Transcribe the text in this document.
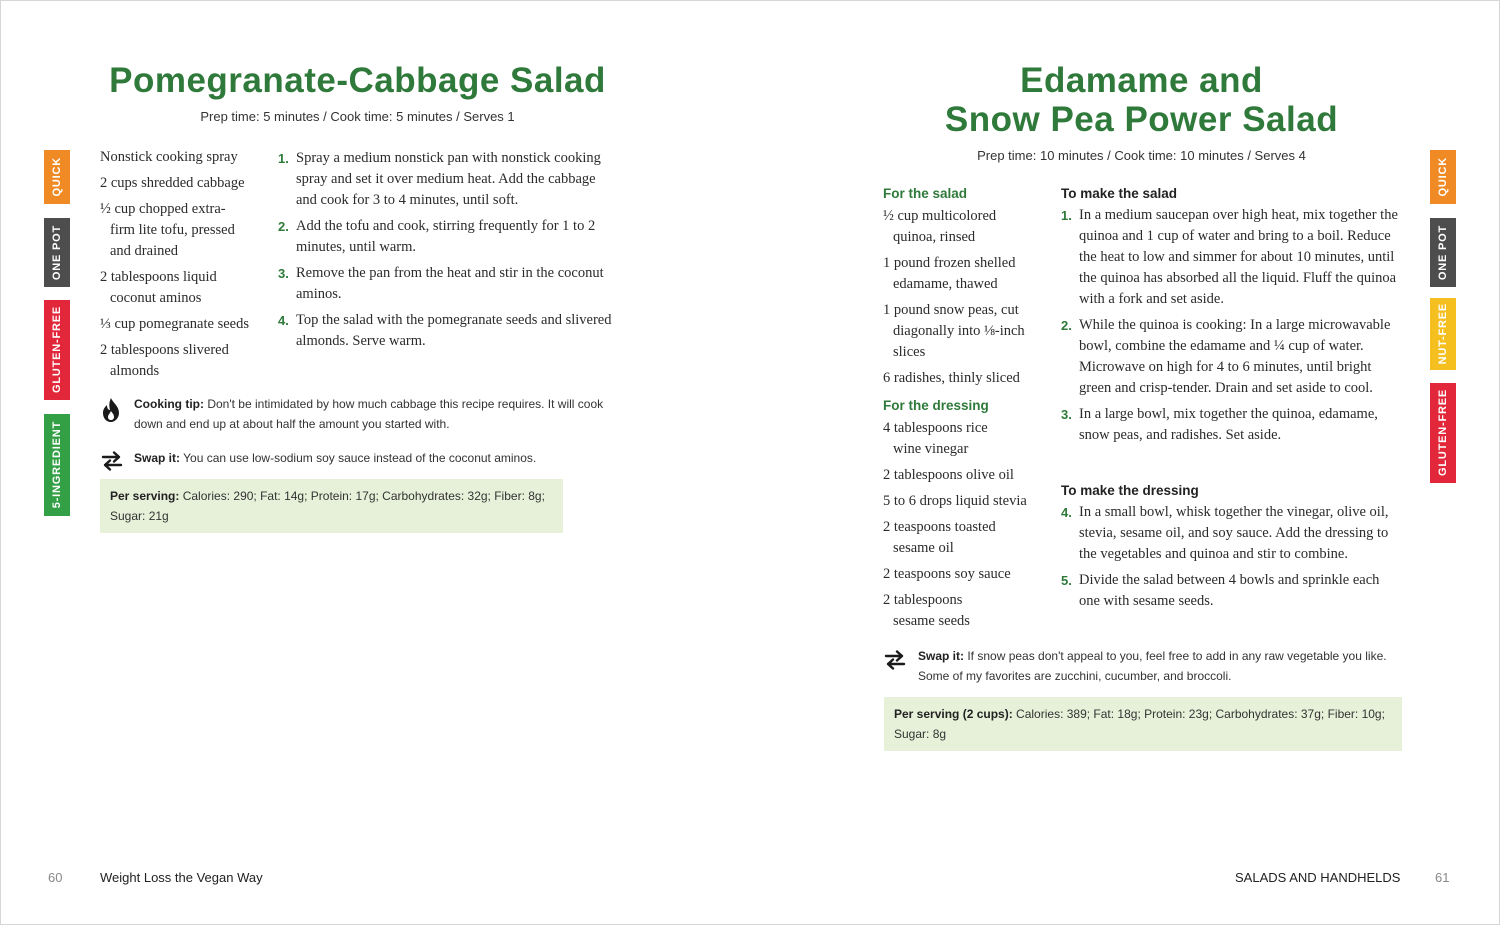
QUICK
ONE POT
GLUTEN-FREE
5-INGREDIENT
Pomegranate-Cabbage Salad
Prep time: 5 minutes / Cook time: 5 minutes / Serves 1
Nonstick cooking spray
2 cups shredded cabbage
½ cup chopped extra-firm lite tofu, pressed and drained
2 tablespoons liquid coconut aminos
⅓ cup pomegranate seeds
2 tablespoons slivered almonds
1. Spray a medium nonstick pan with nonstick cooking spray and set it over medium heat. Add the cabbage and cook for 3 to 4 minutes, until soft.
2. Add the tofu and cook, stirring frequently for 1 to 2 minutes, until warm.
3. Remove the pan from the heat and stir in the coconut aminos.
4. Top the salad with the pomegranate seeds and slivered almonds. Serve warm.
Cooking tip: Don't be intimidated by how much cabbage this recipe requires. It will cook down and end up at about half the amount you started with.
Swap it: You can use low-sodium soy sauce instead of the coconut aminos.
Per serving: Calories: 290; Fat: 14g; Protein: 17g; Carbohydrates: 32g; Fiber: 8g; Sugar: 21g
60	Weight Loss the Vegan Way
QUICK
ONE POT
NUT-FREE
GLUTEN-FREE
Edamame and
Snow Pea Power Salad
Prep time: 10 minutes / Cook time: 10 minutes / Serves 4
For the salad
½ cup multicolored quinoa, rinsed
1 pound frozen shelled edamame, thawed
1 pound snow peas, cut diagonally into ⅛-inch slices
6 radishes, thinly sliced
For the dressing
4 tablespoons rice wine vinegar
2 tablespoons olive oil
5 to 6 drops liquid stevia
2 teaspoons toasted sesame oil
2 teaspoons soy sauce
2 tablespoons sesame seeds
To make the salad
1. In a medium saucepan over high heat, mix together the quinoa and 1 cup of water and bring to a boil. Reduce the heat to low and simmer for about 10 minutes, until the quinoa has absorbed all the liquid. Fluff the quinoa with a fork and set aside.
2. While the quinoa is cooking: In a large microwavable bowl, combine the edamame and ¼ cup of water. Microwave on high for 4 to 6 minutes, until bright green and crisp-tender. Drain and set aside to cool.
3. In a large bowl, mix together the quinoa, edamame, snow peas, and radishes. Set aside.
To make the dressing
4. In a small bowl, whisk together the vinegar, olive oil, stevia, sesame oil, and soy sauce. Add the dressing to the vegetables and quinoa and stir to combine.
5. Divide the salad between 4 bowls and sprinkle each one with sesame seeds.
Swap it: If snow peas don't appeal to you, feel free to add in any raw vegetable you like. Some of my favorites are zucchini, cucumber, and broccoli.
Per serving (2 cups): Calories: 389; Fat: 18g; Protein: 23g; Carbohydrates: 37g; Fiber: 10g; Sugar: 8g
SALADS AND HANDHELDS	61
